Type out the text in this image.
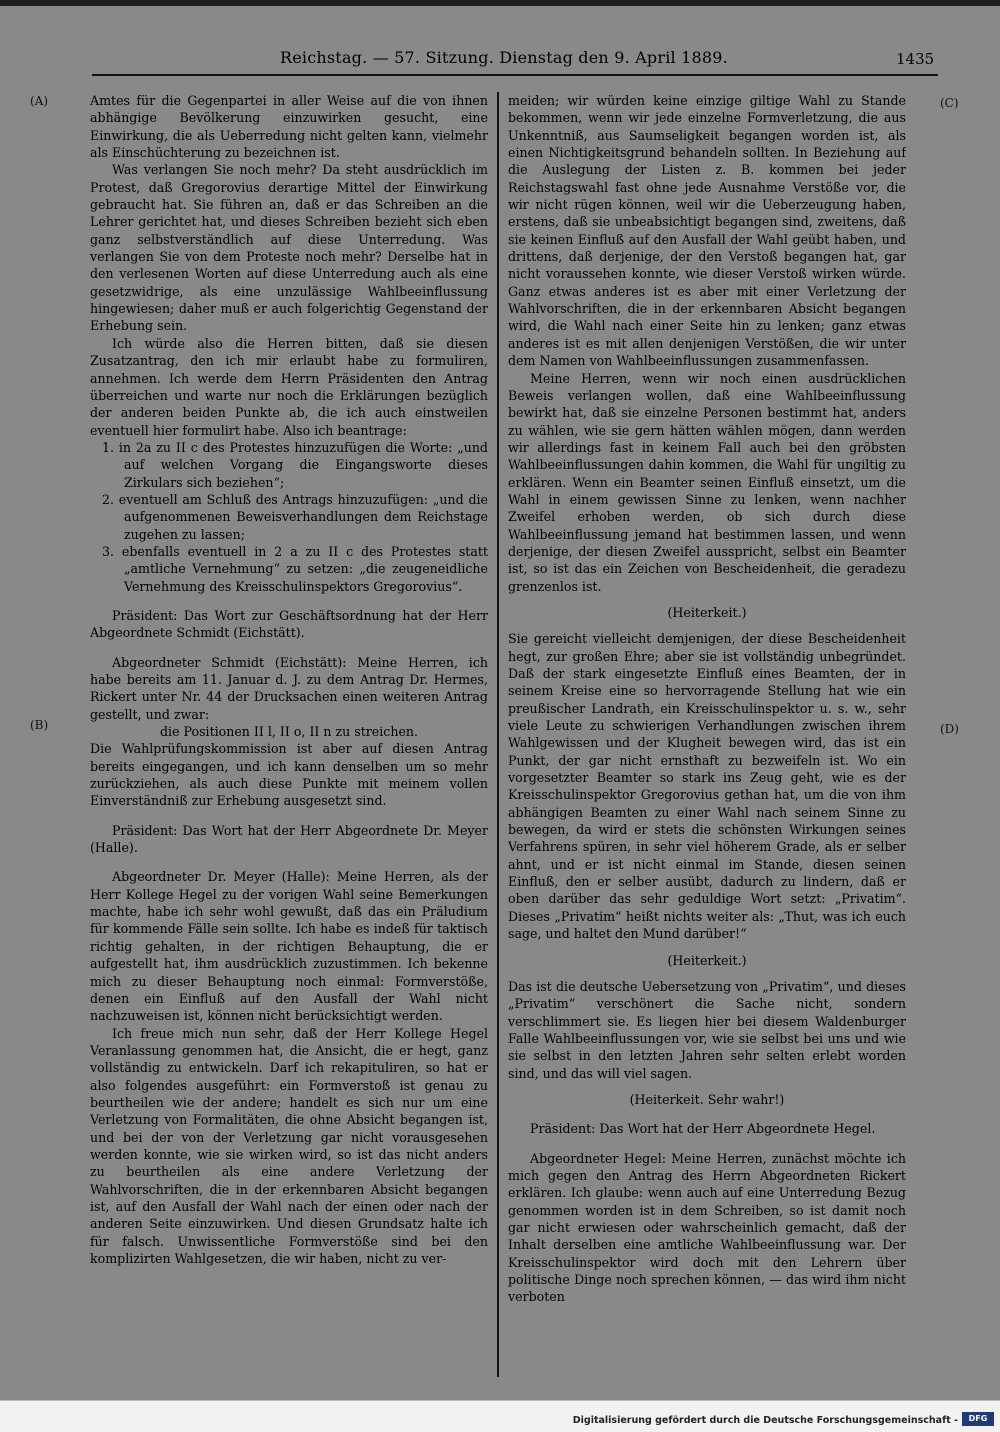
Reichstag. — 57. Sitzung. Dienstag den 9. April 1889.	1435
(A)
(B)
(C)
(D)

Amtes für die Gegenpartei in aller Weise auf die von ihnen abhängige Bevölkerung einzuwirken gesucht, eine Einwirkung, die als Ueberredung nicht gelten kann, vielmehr als Einschüchterung zu bezeichnen ist.

Was verlangen Sie noch mehr? Da steht ausdrücklich im Protest, daß Gregorovius derartige Mittel der Einwirkung gebraucht hat. Sie führen an, daß er das Schreiben an die Lehrer gerichtet hat, und dieses Schreiben bezieht sich eben ganz selbstverständlich auf diese Unterredung. Was verlangen Sie von dem Proteste noch mehr? Derselbe hat in den verlesenen Worten auf diese Unterredung auch als eine gesetzwidrige, als eine unzulässige Wahlbeeinflussung hingewiesen; daher muß er auch folgerichtig Gegenstand der Erhebung sein.

Ich würde also die Herren bitten, daß sie diesen Zusatzantrag, den ich mir erlaubt habe zu formuliren, annehmen. Ich werde dem Herrn Präsidenten den Antrag überreichen und warte nur noch die Erklärungen bezüglich der anderen beiden Punkte ab, die ich auch einstweilen eventuell hier formulirt habe. Also ich beantrage:

1. in 2a zu II c des Protestes hinzuzufügen die Worte: „und auf welchen Vorgang die Eingangsworte dieses Zirkulars sich beziehen“;

2. eventuell am Schluß des Antrags hinzuzufügen: „und die aufgenommenen Beweisverhandlungen dem Reichstage zugehen zu lassen;

3. ebenfalls eventuell in 2 a zu II c des Protestes statt „amtliche Vernehmung“ zu setzen: „die zeugeneidliche Vernehmung des Kreisschulinspektors Gregorovius“.

Präsident: Das Wort zur Geschäftsordnung hat der Herr Abgeordnete Schmidt (Eichstätt).

Abgeordneter Schmidt (Eichstätt): Meine Herren, ich habe bereits am 11. Januar d. J. zu dem Antrag Dr. Hermes, Rickert unter Nr. 44 der Drucksachen einen weiteren Antrag gestellt, und zwar:

die Positionen II l, II o, II n zu streichen.

Die Wahlprüfungskommission ist aber auf diesen Antrag bereits eingegangen, und ich kann denselben um so mehr zurückziehen, als auch diese Punkte mit meinem vollen Einverständniß zur Erhebung ausgesetzt sind.

Präsident: Das Wort hat der Herr Abgeordnete Dr. Meyer (Halle).

Abgeordneter Dr. Meyer (Halle): Meine Herren, als der Herr Kollege Hegel zu der vorigen Wahl seine Bemerkungen machte, habe ich sehr wohl gewußt, daß das ein Präludium für kommende Fälle sein sollte. Ich habe es indeß für taktisch richtig gehalten, in der richtigen Behauptung, die er aufgestellt hat, ihm ausdrücklich zuzustimmen. Ich bekenne mich zu dieser Behauptung noch einmal: Formverstöße, denen ein Einfluß auf den Ausfall der Wahl nicht nachzuweisen ist, können nicht berücksichtigt werden.

Ich freue mich nun sehr, daß der Herr Kollege Hegel Veranlassung genommen hat, die Ansicht, die er hegt, ganz vollständig zu entwickeln. Darf ich rekapituliren, so hat er also folgendes ausgeführt: ein Formverstoß ist genau zu beurtheilen wie der andere; handelt es sich nur um eine Verletzung von Formalitäten, die ohne Absicht begangen ist, und bei der von der Verletzung gar nicht vorausgesehen werden konnte, wie sie wirken wird, so ist das nicht anders zu beurtheilen als eine andere Verletzung der Wahlvorschriften, die in der erkennbaren Absicht begangen ist, auf den Ausfall der Wahl nach der einen oder nach der anderen Seite einzuwirken. Und diesen Grundsatz halte ich für falsch. Unwissentliche Formverstöße sind bei den komplizirten Wahlgesetzen, die wir haben, nicht zu ver-

meiden; wir würden keine einzige giltige Wahl zu Stande bekommen, wenn wir jede einzelne Formverletzung, die aus Unkenntniß, aus Saumseligkeit begangen worden ist, als einen Nichtigkeitsgrund behandeln sollten. In Beziehung auf die Auslegung der Listen z. B. kommen bei jeder Reichstagswahl fast ohne jede Ausnahme Verstöße vor, die wir nicht rügen können, weil wir die Ueberzeugung haben, erstens, daß sie unbeabsichtigt begangen sind, zweitens, daß sie keinen Einfluß auf den Ausfall der Wahl geübt haben, und drittens, daß derjenige, der den Verstoß begangen hat, gar nicht voraussehen konnte, wie dieser Verstoß wirken würde. Ganz etwas anderes ist es aber mit einer Verletzung der Wahlvorschriften, die in der erkennbaren Absicht begangen wird, die Wahl nach einer Seite hin zu lenken; ganz etwas anderes ist es mit allen denjenigen Verstößen, die wir unter dem Namen von Wahlbeeinflussungen zusammenfassen.

Meine Herren, wenn wir noch einen ausdrücklichen Beweis verlangen wollen, daß eine Wahlbeeinflussung bewirkt hat, daß sie einzelne Personen bestimmt hat, anders zu wählen, wie sie gern hätten wählen mögen, dann werden wir allerdings fast in keinem Fall auch bei den gröbsten Wahlbeeinflussungen dahin kommen, die Wahl für ungiltig zu erklären. Wenn ein Beamter seinen Einfluß einsetzt, um die Wahl in einem gewissen Sinne zu lenken, wenn nachher Zweifel erhoben werden, ob sich durch diese Wahlbeeinflussung jemand hat bestimmen lassen, und wenn derjenige, der diesen Zweifel ausspricht, selbst ein Beamter ist, so ist das ein Zeichen von Bescheidenheit, die geradezu grenzenlos ist.

(Heiterkeit.)

Sie gereicht vielleicht demjenigen, der diese Bescheidenheit hegt, zur großen Ehre; aber sie ist vollständig unbegründet. Daß der stark eingesetzte Einfluß eines Beamten, der in seinem Kreise eine so hervorragende Stellung hat wie ein preußischer Landrath, ein Kreisschulinspektor u. s. w., sehr viele Leute zu schwierigen Verhandlungen zwischen ihrem Wahlgewissen und der Klugheit bewegen wird, das ist ein Punkt, der gar nicht ernsthaft zu bezweifeln ist. Wo ein vorgesetzter Beamter so stark ins Zeug geht, wie es der Kreisschulinspektor Gregorovius gethan hat, um die von ihm abhängigen Beamten zu einer Wahl nach seinem Sinne zu bewegen, da wird er stets die schönsten Wirkungen seines Verfahrens spüren, in sehr viel höherem Grade, als er selber ahnt, und er ist nicht einmal im Stande, diesen seinen Einfluß, den er selber ausübt, dadurch zu lindern, daß er oben darüber das sehr geduldige Wort setzt: „Privatim“. Dieses „Privatim“ heißt nichts weiter als: „Thut, was ich euch sage, und haltet den Mund darüber!“

(Heiterkeit.)

Das ist die deutsche Uebersetzung von „Privatim“, und dieses „Privatim“ verschönert die Sache nicht, sondern verschlimmert sie. Es liegen hier bei diesem Waldenburger Falle Wahlbeeinflussungen vor, wie sie selbst bei uns und wie sie selbst in den letzten Jahren sehr selten erlebt worden sind, und das will viel sagen.

(Heiterkeit. Sehr wahr!)

Präsident: Das Wort hat der Herr Abgeordnete Hegel.

Abgeordneter Hegel: Meine Herren, zunächst möchte ich mich gegen den Antrag des Herrn Abgeordneten Rickert erklären. Ich glaube: wenn auch auf eine Unterredung Bezug genommen worden ist in dem Schreiben, so ist damit noch gar nicht erwiesen oder wahrscheinlich gemacht, daß der Inhalt derselben eine amtliche Wahlbeeinflussung war. Der Kreisschulinspektor wird doch mit den Lehrern über politische Dinge noch sprechen können, — das wird ihm nicht verboten

Digitalisierung gefördert durch die Deutsche Forschungsgemeinschaft -	DFG
